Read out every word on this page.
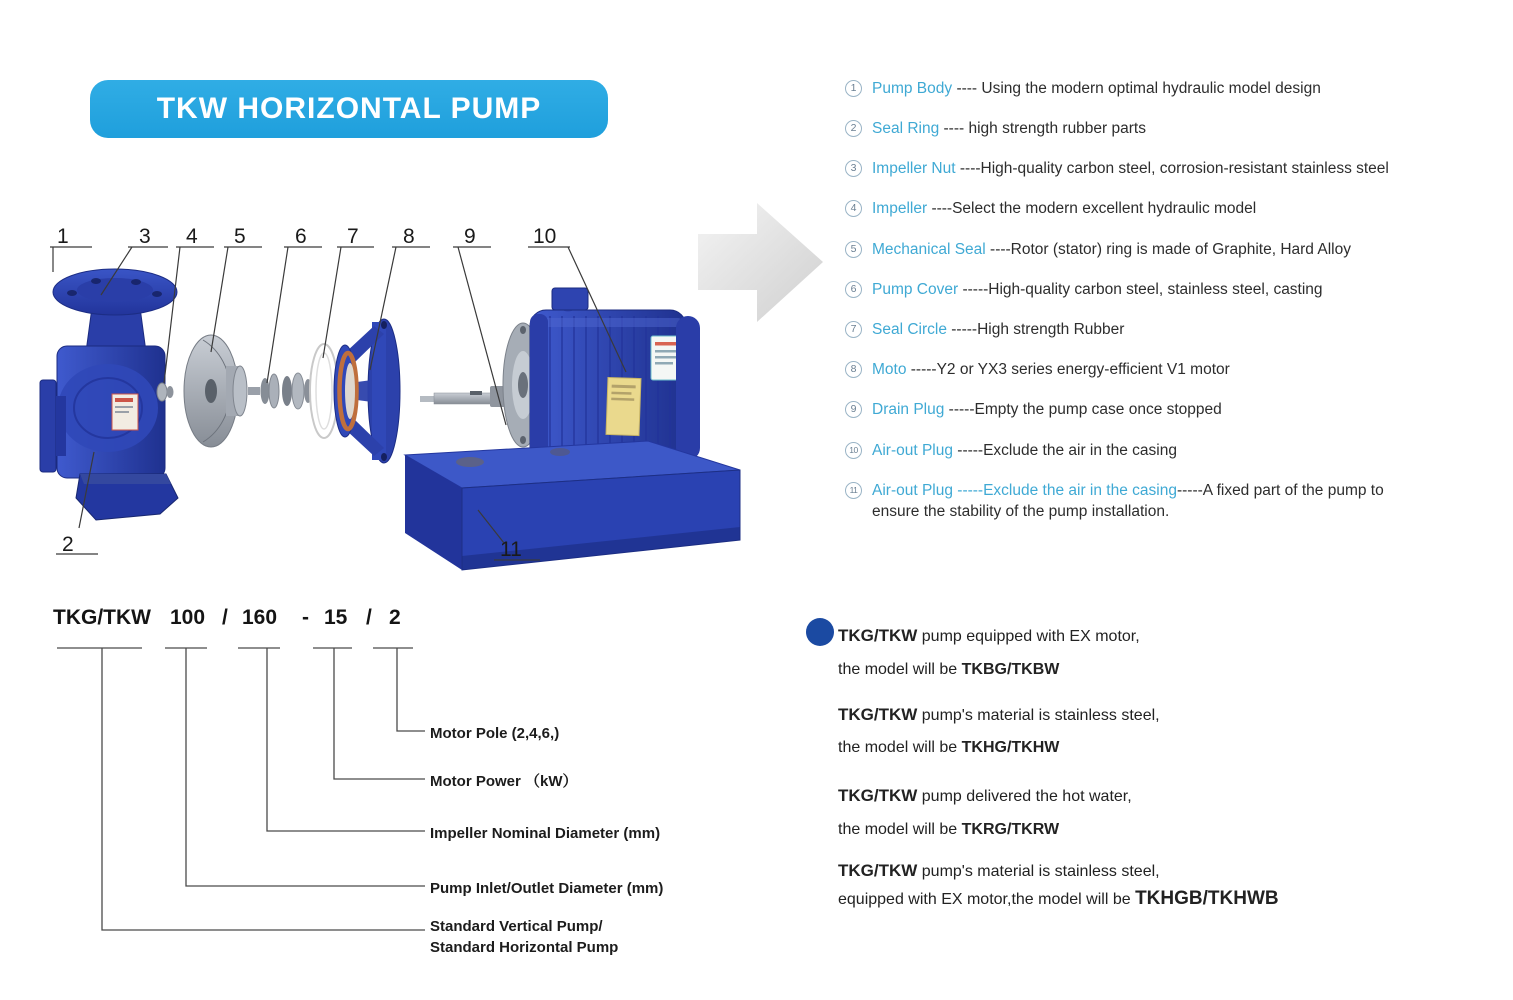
TKW HORIZONTAL PUMP
1	3 4 5 6 7 8 9	10
2	11
1	Pump Body ---- Using the modern optimal hydraulic model design
2	Seal Ring ---- high strength rubber parts
3	Impeller Nut ----High-quality carbon steel, corrosion-resistant stainless steel
4	Impeller ----Select the modern excellent hydraulic model
5	Mechanical Seal ----Rotor (stator) ring is made of Graphite, Hard Alloy
6	Pump Cover -----High-quality carbon steel, stainless steel, casting
7	Seal Circle -----High strength Rubber
8	Moto -----Y2 or YX3 series energy-efficient V1 motor
9	Drain Plug -----Empty the pump case once stopped
10 Air-out Plug -----Exclude the air in the casing
11 Air-out Plug -----Exclude the air in the casing-----A fixed part of the pump to
ensure the stability of the pump installation.
TKG/TKW 100 / 160 - 15 / 2
Motor Pole (2,4,6,)
Motor Power （kW）
Impeller Nominal Diameter (mm)
Pump Inlet/Outlet Diameter (mm)
Standard Vertical Pump/
Standard Horizontal Pump
TKG/TKW pump equipped with EX motor,
the model will be TKBG/TKBW
TKG/TKW pump's material is stainless steel,
the model will be TKHG/TKHW
TKG/TKW pump delivered the hot water,
the model will be TKRG/TKRW
TKG/TKW pump's material is stainless steel,
equipped with EX motor,the model will be TKHGB/TKHWB
